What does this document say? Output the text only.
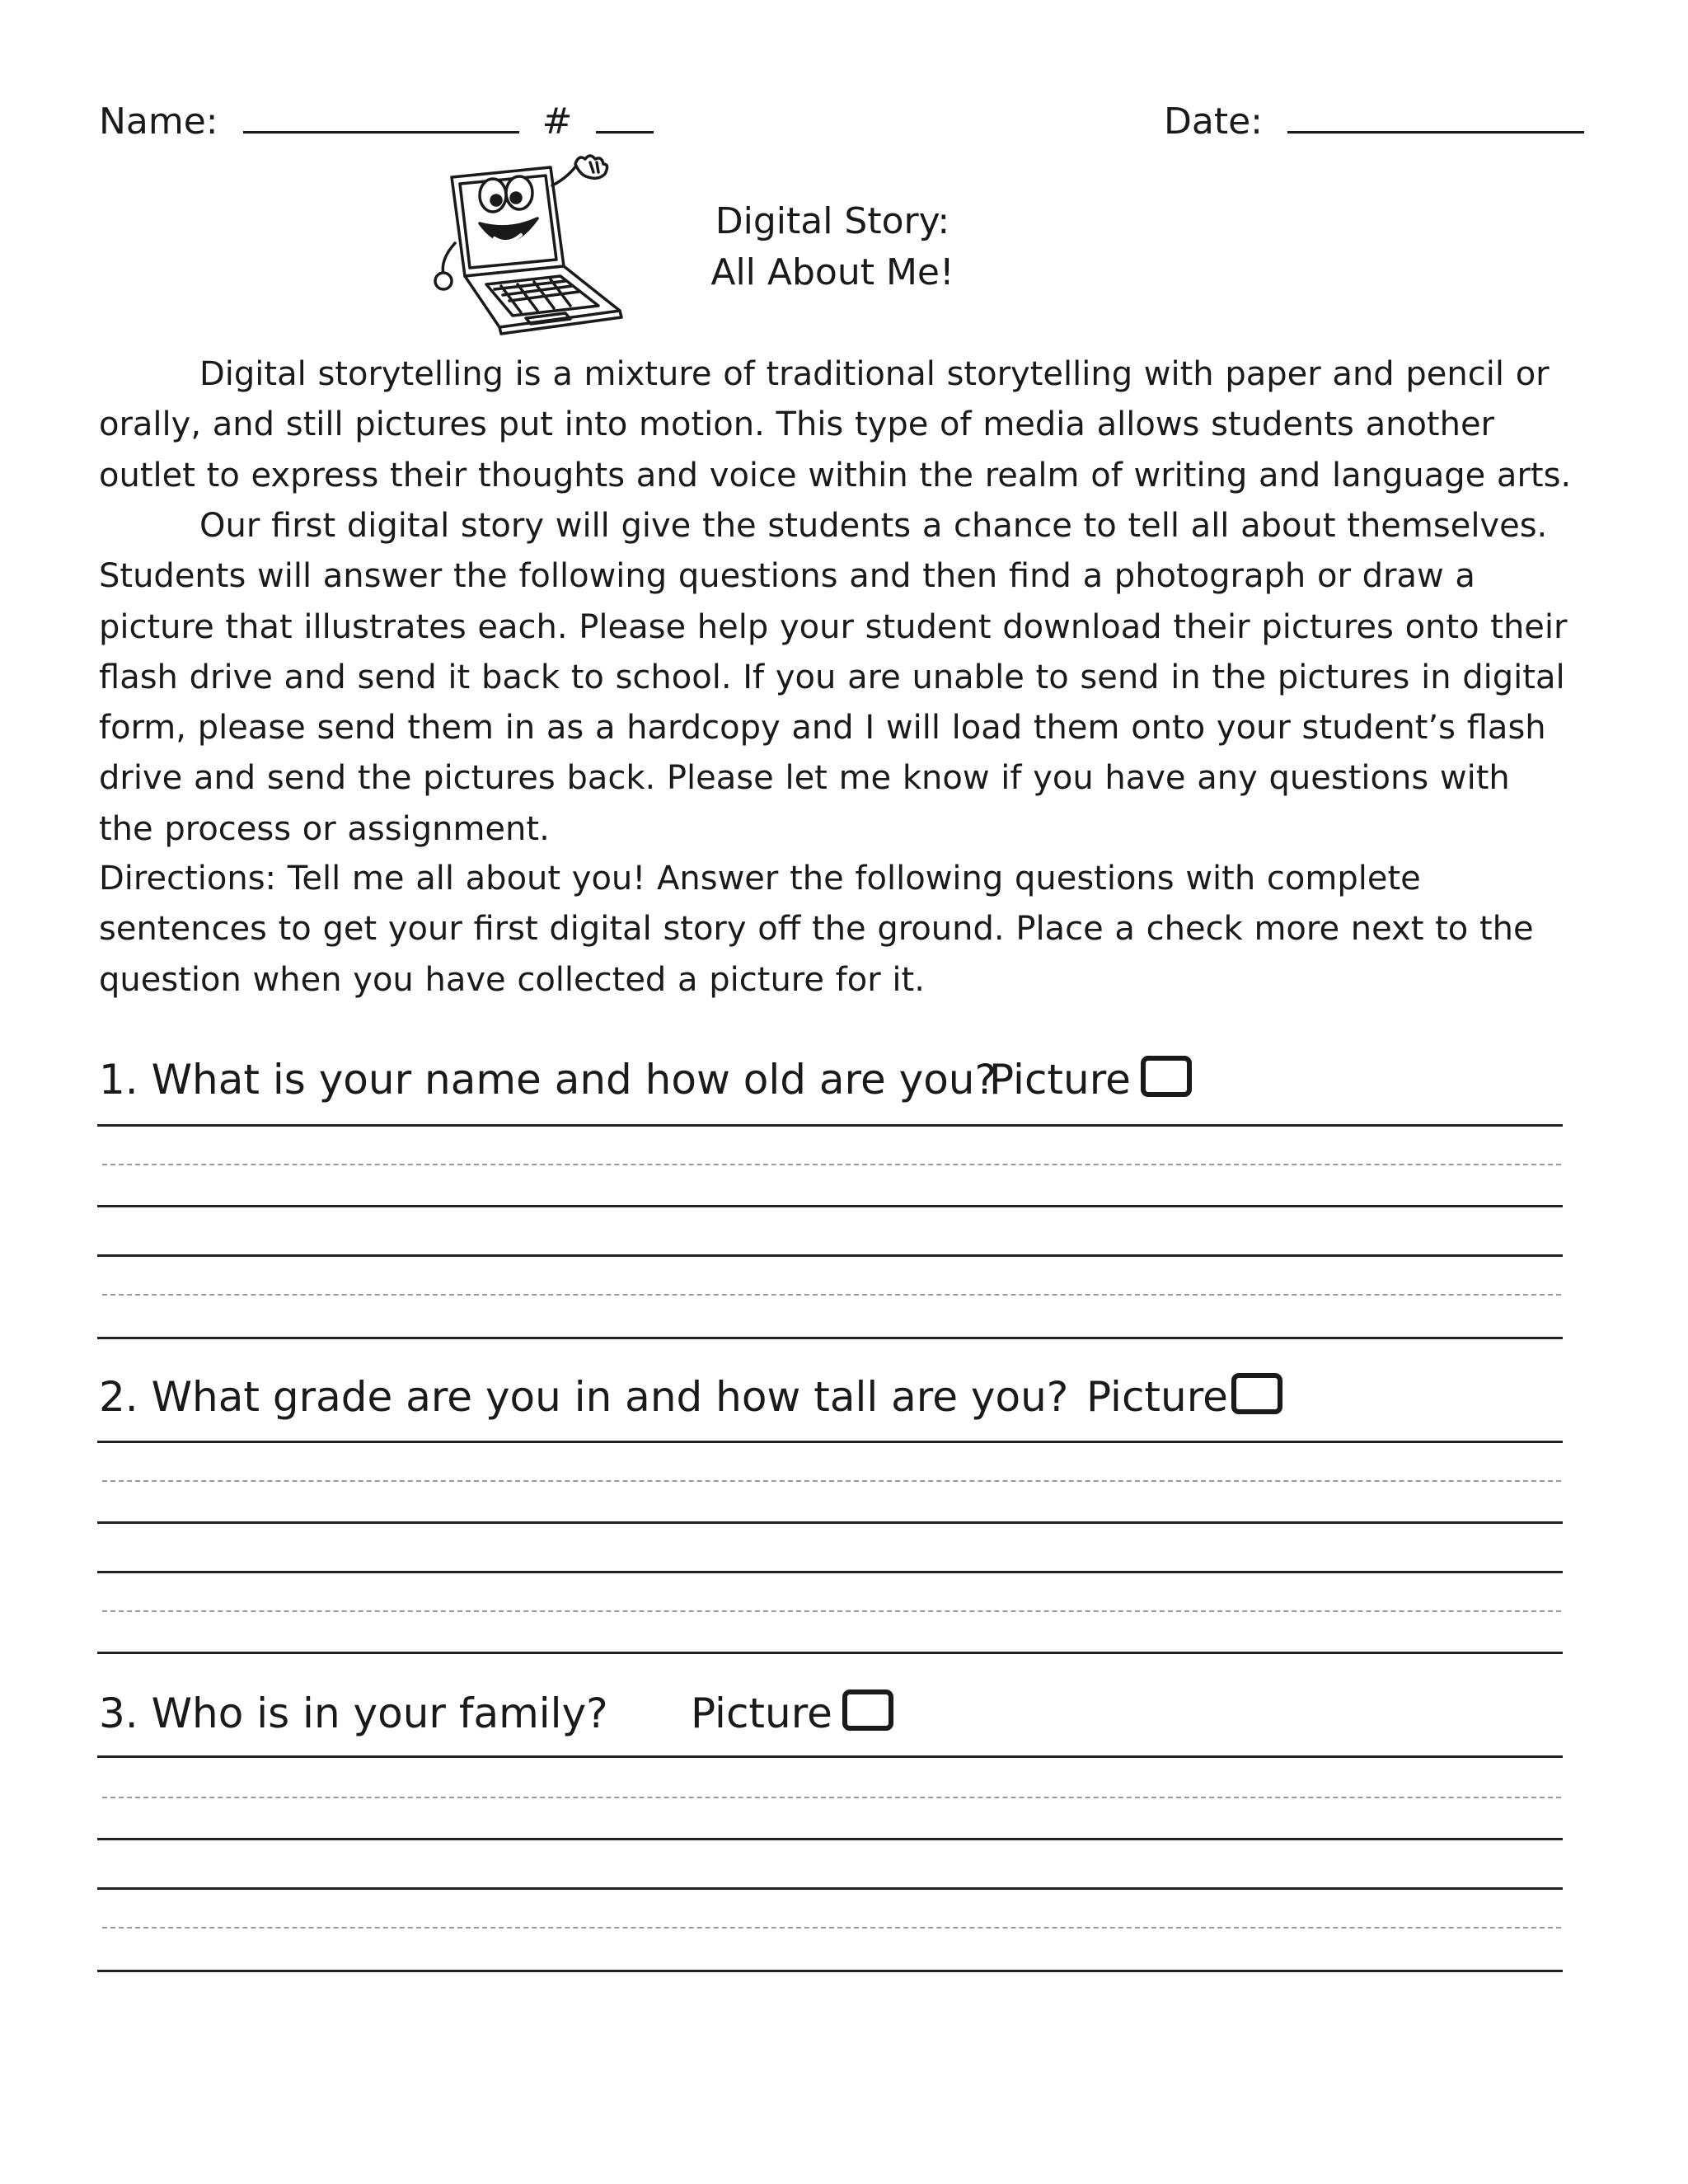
Name:	#	Date:
Digital Story:
All About Me!
Digital storytelling is a mixture of traditional storytelling with paper and pencil or orally, and still pictures put into motion. This type of media allows students another outlet to express their thoughts and voice within the realm of writing and language arts.
Our first digital story will give the students a chance to tell all about themselves. Students will answer the following questions and then find a photograph or draw a picture that illustrates each. Please help your student download their pictures onto their flash drive and send it back to school. If you are unable to send in the pictures in digital form, please send them in as a hardcopy and I will load them onto your student’s flash drive and send the pictures back. Please let me know if you have any questions with the process or assignment.
Directions: Tell me all about you! Answer the following questions with complete sentences to get your first digital story off the ground. Place a check more next to the question when you have collected a picture for it.
1. What is your name and how old are you?
Picture
2. What grade are you in and how tall are you? Picture
3. Who is in your family? Picture
